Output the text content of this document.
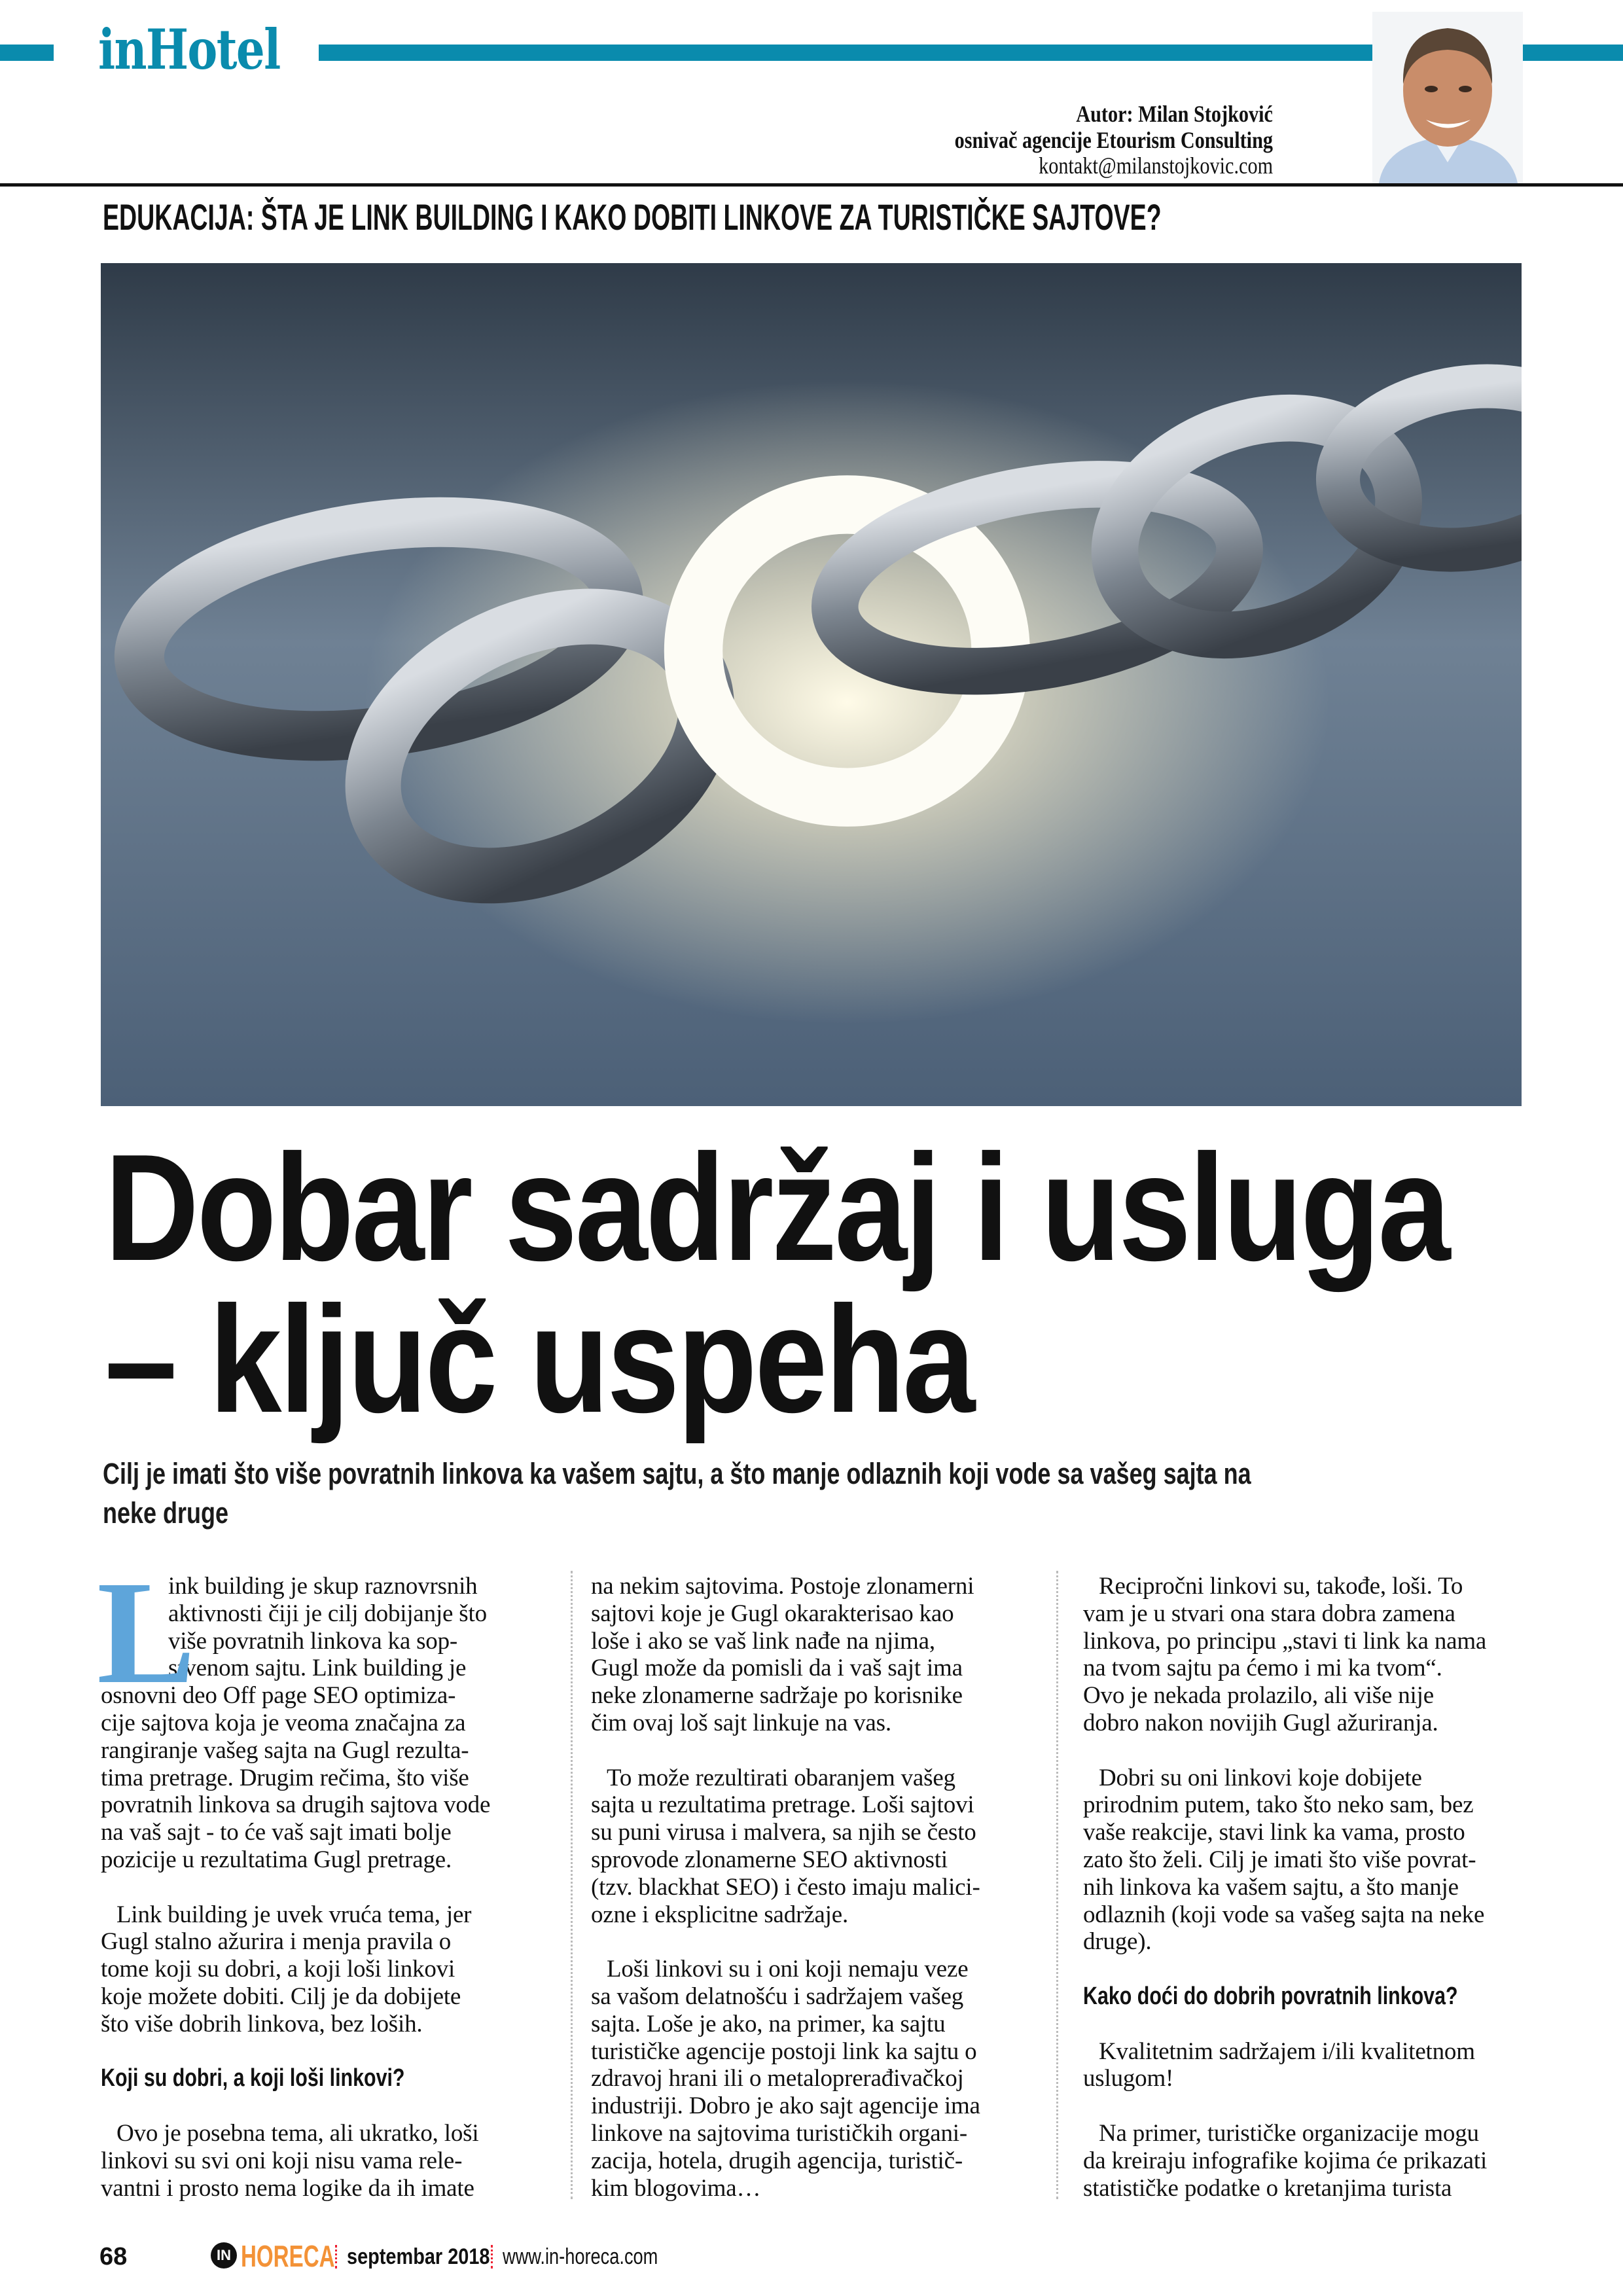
inHotel
Autor: Milan Stojković
osnivač agencije Etourism Consulting
kontakt@milanstojkovic.com
EDUKACIJA: ŠTA JE LINK BUILDING I KAKO DOBITI LINKOVE ZA TURISTIČKE SAJTOVE?
Dobar sadržaj i usluga
– ključ uspeha
Cilj je imati što više povratnih linkova ka vašem sajtu, a što manje odlaznih koji vode sa vašeg sajta na
neke druge
L
ink building je skup raznovrsnih
aktivnosti čiji je cilj dobijanje što
više povratnih linkova ka sop-
stvenom sajtu. Link building je
osnovni deo Off page SEO optimiza-
cije sajtova koja je veoma značajna za
rangiranje vašeg sajta na Gugl rezulta-
tima pretrage. Drugim rečima, što više
povratnih linkova sa drugih sajtova vode
na vaš sajt - to će vaš sajt imati bolje
pozicije u rezultatima Gugl pretrage.
Link building je uvek vruća tema, jer
Gugl stalno ažurira i menja pravila o
tome koji su dobri, a koji loši linkovi
koje možete dobiti. Cilj je da dobijete
što više dobrih linkova, bez loših.
Koji su dobri, a koji loši linkovi?
Ovo je posebna tema, ali ukratko, loši
linkovi su svi oni koji nisu vama rele-
vantni i prosto nema logike da ih imate
na nekim sajtovima. Postoje zlonamerni
sajtovi koje je Gugl okarakterisao kao
loše i ako se vaš link nađe na njima,
Gugl može da pomisli da i vaš sajt ima
neke zlonamerne sadržaje po korisnike
čim ovaj loš sajt linkuje na vas.
To može rezultirati obaranjem vašeg
sajta u rezultatima pretrage. Loši sajtovi
su puni virusa i malvera, sa njih se često
sprovode zlonamerne SEO aktivnosti
(tzv. blackhat SEO) i često imaju malici-
ozne i eksplicitne sadržaje.
Loši linkovi su i oni koji nemaju veze
sa vašom delatnošću i sadržajem vašeg
sajta. Loše je ako, na primer, ka sajtu
turističke agencije postoji link ka sajtu o
zdravoj hrani ili o metaloprerađivačkoj
industriji. Dobro je ako sajt agencije ima
linkove na sajtovima turističkih organi-
zacija, hotela, drugih agencija, turistič-
kim blogovima…
Recipročni linkovi su, takođe, loši. To
vam je u stvari ona stara dobra zamena
linkova, po principu „stavi ti link ka nama
na tvom sajtu pa ćemo i mi ka tvom“.
Ovo je nekada prolazilo, ali više nije
dobro nakon novijih Gugl ažuriranja.
Dobri su oni linkovi koje dobijete
prirodnim putem, tako što neko sam, bez
vaše reakcije, stavi link ka vama, prosto
zato što želi. Cilj je imati što više povrat-
nih linkova ka vašem sajtu, a što manje
odlaznih (koji vode sa vašeg sajta na neke
druge).
Kako doći do dobrih povratnih linkova?
Kvalitetnim sadržajem i/ili kvalitetnom
uslugom!
Na primer, turističke organizacije mogu
da kreiraju infografike kojima će prikazati
statističke podatke o kretanjima turista
68	IN HORECA septembar 2018 www.in-horeca.com
